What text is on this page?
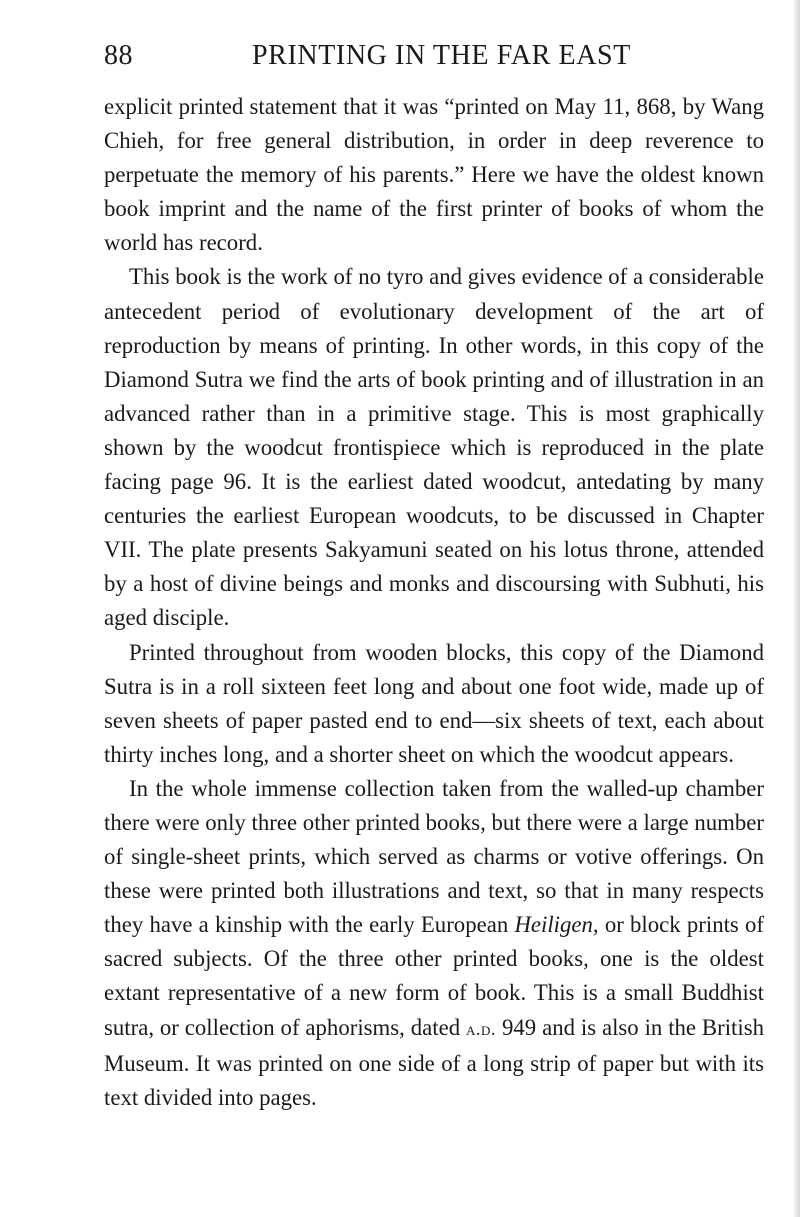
88	PRINTING IN THE FAR EAST

explicit printed statement that it was “printed on May 11, 868, by Wang Chieh, for free general distribution, in order in deep reverence to perpetuate the memory of his parents.” Here we have the oldest known book imprint and the name of the first printer of books of whom the world has record.

This book is the work of no tyro and gives evidence of a considerable antecedent period of evolutionary development of the art of reproduction by means of printing. In other words, in this copy of the Diamond Sutra we find the arts of book printing and of illustration in an advanced rather than in a primitive stage. This is most graphically shown by the woodcut frontispiece which is reproduced in the plate facing page 96. It is the earliest dated woodcut, antedating by many centuries the earliest European woodcuts, to be discussed in Chapter VII. The plate presents Sakyamuni seated on his lotus throne, attended by a host of divine beings and monks and discoursing with Subhuti, his aged disciple.

Printed throughout from wooden blocks, this copy of the Diamond Sutra is in a roll sixteen feet long and about one foot wide, made up of seven sheets of paper pasted end to end—six sheets of text, each about thirty inches long, and a shorter sheet on which the woodcut appears.

In the whole immense collection taken from the walled-up chamber there were only three other printed books, but there were a large number of single-sheet prints, which served as charms or votive offerings. On these were printed both illustrations and text, so that in many respects they have a kinship with the early European Heiligen, or block prints of sacred subjects. Of the three other printed books, one is the oldest extant representative of a new form of book. This is a small Buddhist sutra, or collection of aphorisms, dated a.d. 949 and is also in the British Museum. It was printed on one side of a long strip of paper but with its text divided into pages.
